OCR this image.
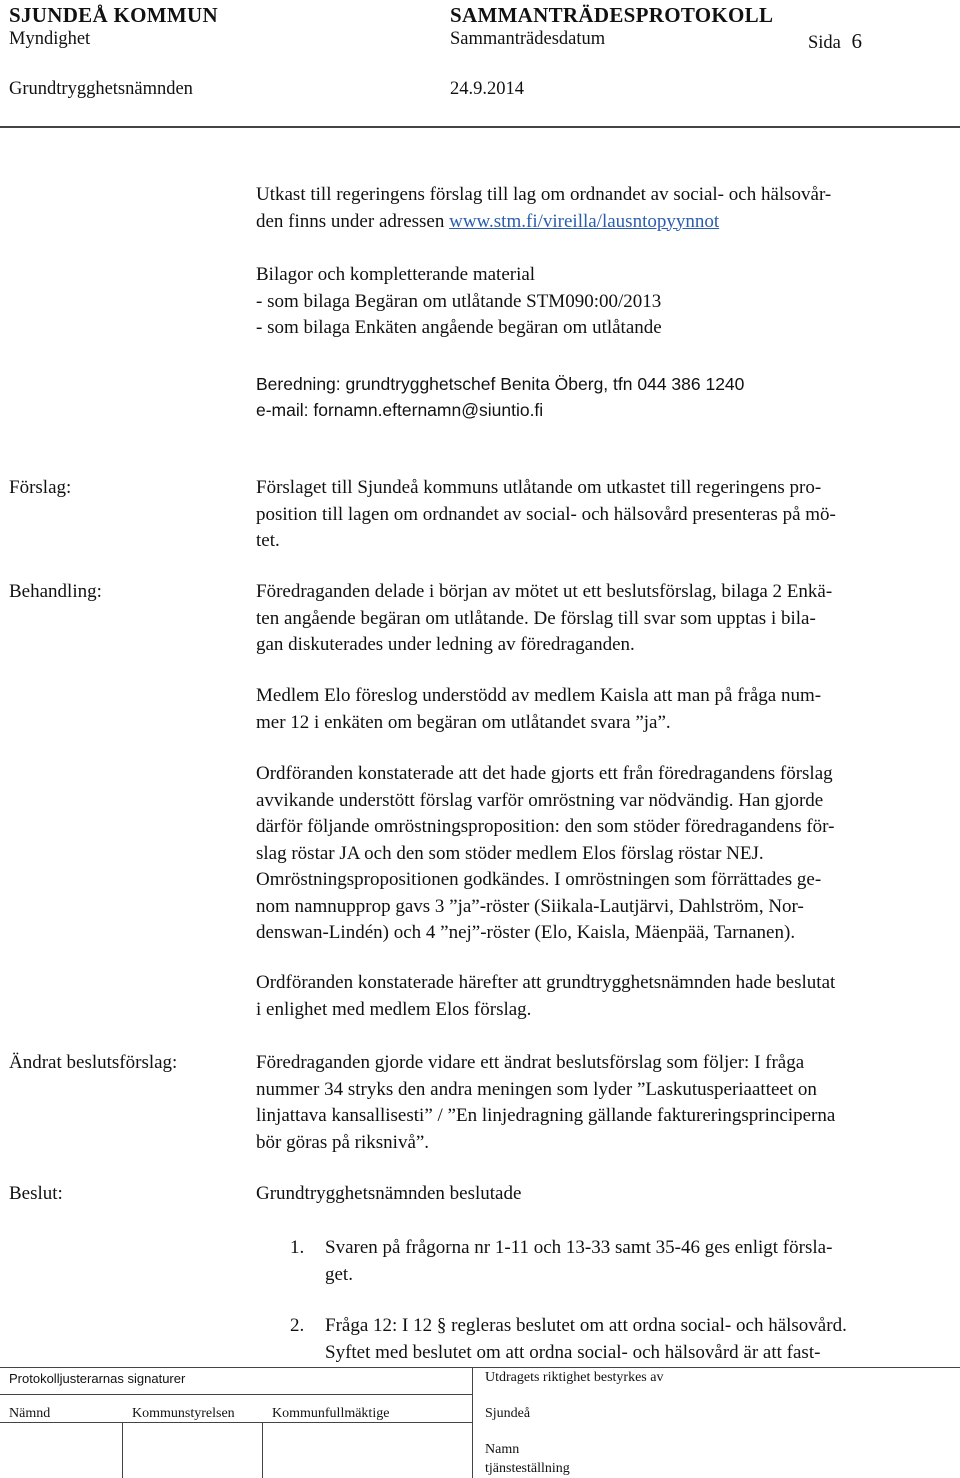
SJUNDEÅ KOMMUN	SAMMANTRÄDESPROTOKOLL
Myndighet	Sammanträdesdatum	Sida 6
Grundtrygghetsnämnden	24.9.2014
Utkast till regeringens förslag till lag om ordnandet av social- och hälsovår-
den finns under adressen www.stm.fi/vireilla/lausntopyynnot
Bilagor och kompletterande material
- som bilaga Begäran om utlåtande STM090:00/2013
- som bilaga Enkäten angående begäran om utlåtande
Beredning: grundtrygghetschef Benita Öberg, tfn 044 386 1240
e-mail: fornamn.efternamn@siuntio.fi
Förslag:	Förslaget till Sjundeå kommuns utlåtande om utkastet till regeringens pro-
position till lagen om ordnandet av social- och hälsovård presenteras på mö-
tet.
Behandling:	Föredraganden delade i början av mötet ut ett beslutsförslag, bilaga 2 Enkä-
ten angående begäran om utlåtande. De förslag till svar som upptas i bila-
gan diskuterades under ledning av föredraganden.
Medlem Elo föreslog understödd av medlem Kaisla att man på fråga num-
mer 12 i enkäten om begäran om utlåtandet svara ”ja”.
Ordföranden konstaterade att det hade gjorts ett från föredragandens förslag
avvikande understött förslag varför omröstning var nödvändig. Han gjorde
därför följande omröstningsproposition: den som stöder föredragandens för-
slag röstar JA och den som stöder medlem Elos förslag röstar NEJ.
Omröstningspropositionen godkändes. I omröstningen som förrättades ge-
nom namnupprop gavs 3 ”ja”-röster (Siikala-Lautjärvi, Dahlström, Nor-
denswan-Lindén) och 4 ”nej”-röster (Elo, Kaisla, Mäenpää, Tarnanen).
Ordföranden konstaterade härefter att grundtrygghetsnämnden hade beslutat
i enlighet med medlem Elos förslag.
Ändrat beslutsförslag:	Föredraganden gjorde vidare ett ändrat beslutsförslag som följer: I fråga
nummer 34 stryks den andra meningen som lyder ”Laskutusperiaatteet on
linjattava kansallisesti” / ”En linjedragning gällande faktureringsprinciperna
bör göras på riksnivå”.
Beslut:	Grundtrygghetsnämnden beslutade
1. Svaren på frågorna nr 1-11 och 13-33 samt 35-46 ges enligt försla-
get.
2. Fråga 12: I 12 § regleras beslutet om att ordna social- och hälsovård.
Syftet med beslutet om att ordna social- och hälsovård är att fast-
Protokolljusterarnas signaturer	Utdragets riktighet bestyrkes av
Nämnd	Kommunstyrelsen	Kommunfullmäktige	Sjundeå
Namn
tjänsteställning
